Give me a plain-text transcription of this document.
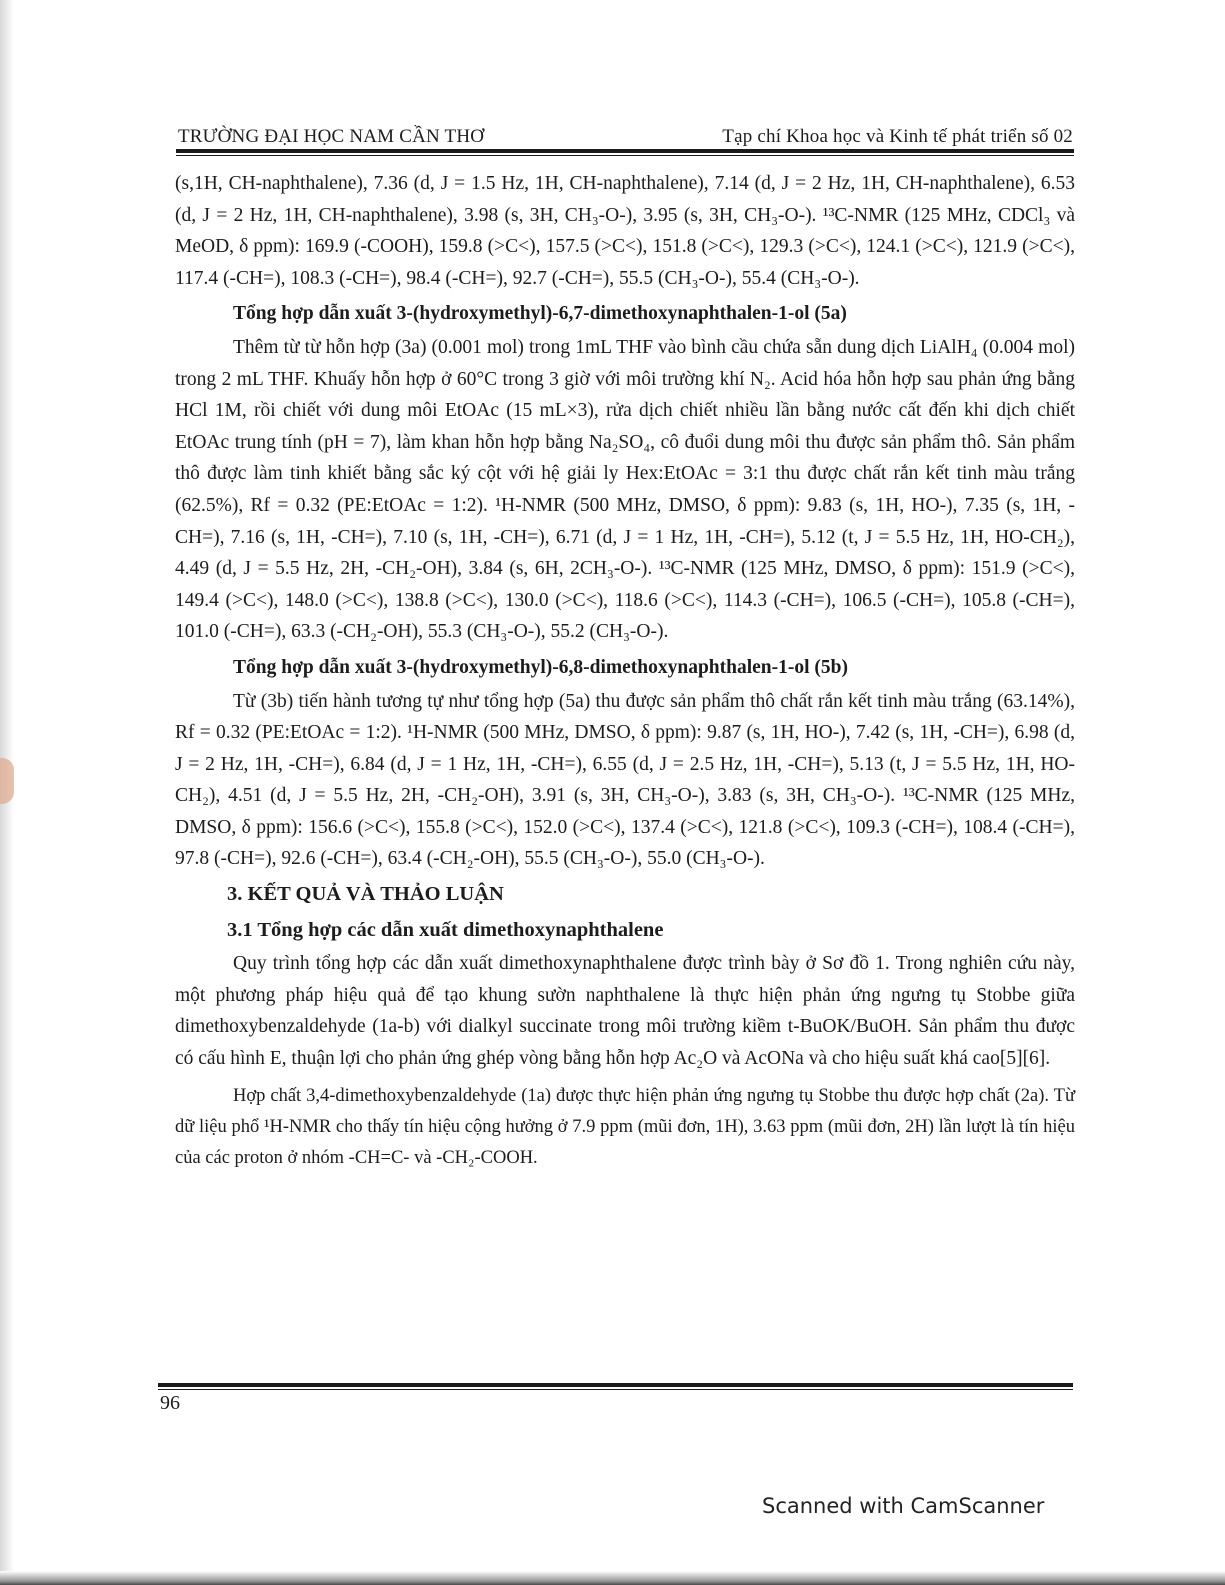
TRƯỜNG ĐẠI HỌC NAM CẦN THƠ	Tạp chí Khoa học và Kinh tế phát triển số 02

(s,1H, CH-naphthalene), 7.36 (d, J = 1.5 Hz, 1H, CH-naphthalene), 7.14 (d, J = 2 Hz, 1H, CH-naphthalene), 6.53 (d, J = 2 Hz, 1H, CH-naphthalene), 3.98 (s, 3H, CH₃-O-), 3.95 (s, 3H, CH₃-O-). ¹³C-NMR (125 MHz, CDCl₃ và MeOD, δ ppm): 169.9 (-COOH), 159.8 (>C<), 157.5 (>C<), 151.8 (>C<), 129.3 (>C<), 124.1 (>C<), 121.9 (>C<), 117.4 (-CH=), 108.3 (-CH=), 98.4 (-CH=), 92.7 (-CH=), 55.5 (CH₃-O-), 55.4 (CH₃-O-).

Tổng hợp dẫn xuất 3-(hydroxymethyl)-6,7-dimethoxynaphthalen-1-ol (5a)

Thêm từ từ hỗn hợp (3a) (0.001 mol) trong 1mL THF vào bình cầu chứa sẵn dung dịch LiAlH₄ (0.004 mol) trong 2 mL THF. Khuấy hỗn hợp ở 60°C trong 3 giờ với môi trường khí N₂. Acid hóa hỗn hợp sau phản ứng bằng HCl 1M, rồi chiết với dung môi EtOAc (15 mL×3), rửa dịch chiết nhiều lần bằng nước cất đến khi dịch chiết EtOAc trung tính (pH = 7), làm khan hỗn hợp bằng Na₂SO₄, cô đuổi dung môi thu được sản phẩm thô. Sản phẩm thô được làm tinh khiết bằng sắc ký cột với hệ giải ly Hex:EtOAc = 3:1 thu được chất rắn kết tinh màu trắng (62.5%), Rf = 0.32 (PE:EtOAc = 1:2). ¹H-NMR (500 MHz, DMSO, δ ppm): 9.83 (s, 1H, HO-), 7.35 (s, 1H, -CH=), 7.16 (s, 1H, -CH=), 7.10 (s, 1H, -CH=), 6.71 (d, J = 1 Hz, 1H, -CH=), 5.12 (t, J = 5.5 Hz, 1H, HO-CH₂), 4.49 (d, J = 5.5 Hz, 2H, -CH₂-OH), 3.84 (s, 6H, 2CH₃-O-). ¹³C-NMR (125 MHz, DMSO, δ ppm): 151.9 (>C<), 149.4 (>C<), 148.0 (>C<), 138.8 (>C<), 130.0 (>C<), 118.6 (>C<), 114.3 (-CH=), 106.5 (-CH=), 105.8 (-CH=), 101.0 (-CH=), 63.3 (-CH₂-OH), 55.3 (CH₃-O-), 55.2 (CH₃-O-).

Tổng hợp dẫn xuất 3-(hydroxymethyl)-6,8-dimethoxynaphthalen-1-ol (5b)

Từ (3b) tiến hành tương tự như tổng hợp (5a) thu được sản phẩm thô chất rắn kết tinh màu trắng (63.14%), Rf = 0.32 (PE:EtOAc = 1:2). ¹H-NMR (500 MHz, DMSO, δ ppm): 9.87 (s, 1H, HO-), 7.42 (s, 1H, -CH=), 6.98 (d, J = 2 Hz, 1H, -CH=), 6.84 (d, J = 1 Hz, 1H, -CH=), 6.55 (d, J = 2.5 Hz, 1H, -CH=), 5.13 (t, J = 5.5 Hz, 1H, HO-CH₂), 4.51 (d, J = 5.5 Hz, 2H, -CH₂-OH), 3.91 (s, 3H, CH₃-O-), 3.83 (s, 3H, CH₃-O-). ¹³C-NMR (125 MHz, DMSO, δ ppm): 156.6 (>C<), 155.8 (>C<), 152.0 (>C<), 137.4 (>C<), 121.8 (>C<), 109.3 (-CH=), 108.4 (-CH=), 97.8 (-CH=), 92.6 (-CH=), 63.4 (-CH₂-OH), 55.5 (CH₃-O-), 55.0 (CH₃-O-).

3. KẾT QUẢ VÀ THẢO LUẬN

3.1 Tổng hợp các dẫn xuất dimethoxynaphthalene

Quy trình tổng hợp các dẫn xuất dimethoxynaphthalene được trình bày ở Sơ đồ 1. Trong nghiên cứu này, một phương pháp hiệu quả để tạo khung sườn naphthalene là thực hiện phản ứng ngưng tụ Stobbe giữa dimethoxybenzaldehyde (1a-b) với dialkyl succinate trong môi trường kiềm t-BuOK/BuOH. Sản phẩm thu được có cấu hình E, thuận lợi cho phản ứng ghép vòng bằng hỗn hợp Ac₂O và AcONa và cho hiệu suất khá cao[5][6].

Hợp chất 3,4-dimethoxybenzaldehyde (1a) được thực hiện phản ứng ngưng tụ Stobbe thu được hợp chất (2a). Từ dữ liệu phổ ¹H-NMR cho thấy tín hiệu cộng hưởng ở 7.9 ppm (mũi đơn, 1H), 3.63 ppm (mũi đơn, 2H) lần lượt là tín hiệu của các proton ở nhóm -CH=C- và -CH₂-COOH.

96
Scanned with CamScanner
